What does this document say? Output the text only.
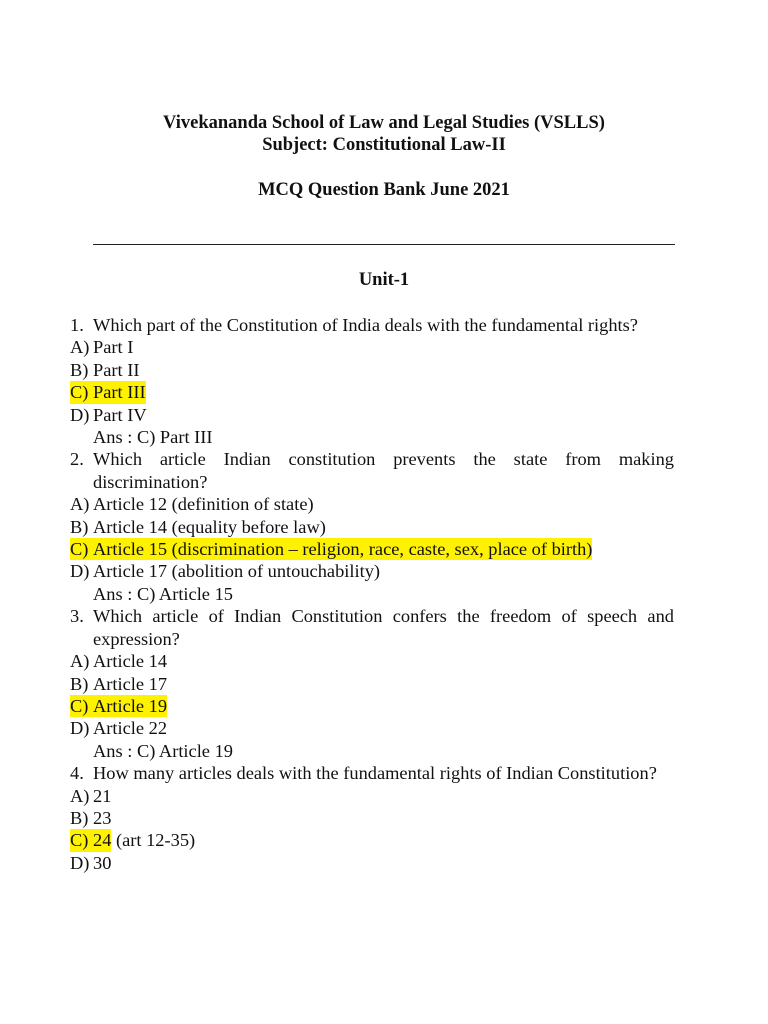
Vivekananda School of Law and Legal Studies (VSLLS)
Subject: Constitutional Law-II
MCQ Question Bank June 2021
Unit-1
1. Which part of the Constitution of India deals with the fundamental rights?
A) Part I
B) Part II
C) Part III
D) Part IV
Ans : C) Part III
2. Which article Indian constitution prevents the state from making discrimination?
A) Article 12 (definition of state)
B) Article 14 (equality before law)
C) Article 15 (discrimination – religion, race, caste, sex, place of birth)
D) Article 17 (abolition of untouchability)
Ans : C) Article 15
3. Which article of Indian Constitution confers the freedom of speech and expression?
A) Article 14
B) Article 17
C) Article 19
D) Article 22
Ans : C) Article 19
4. How many articles deals with the fundamental rights of Indian Constitution?
A) 21
B) 23
C) 24 (art 12-35)
D) 30
